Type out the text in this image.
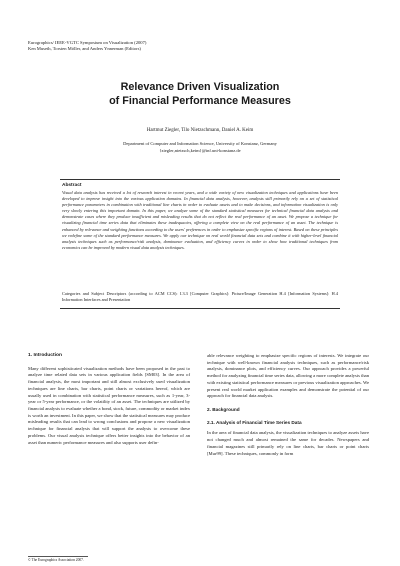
Eurographics/ IEEE-VGTC Symposium on Visualization (2007)
Ken Museth, Torsten Möller, and Anders Ynnerman (Editors)
Relevance Driven Visualization
of Financial Performance Measures
Hartmut Ziegler, Tilo Nietzschmann, Daniel A. Keim
Department of Computer and Information Science, University of Konstanz, Germany
{ziegler,nietzsch,keim}@inf.uni-konstanz.de
Abstract

Visual data analysis has received a lot of research interest in recent years, and a wide variety of new visualization techniques and applications have been developed to improve insight into the various application domains. In financial data analysis, however, analysts still primarily rely on a set of statistical performance parameters in combination with traditional line charts in order to evaluate assets and to make decisions, and information visualization is only very slowly entering this important domain. In this paper, we analyze some of the standard statistical measures for technical financial data analysis and demonstrate cases where they produce insufficient and misleading results that do not reflect the real performance of an asset. We propose a technique for visualizing financial time series data that eliminates these inadequacies, offering a complete view on the real performance of an asset. The technique is enhanced by relevance and weighting functions according to the users' preferences in order to emphasize specific regions of interest. Based on these principles we redefine some of the standard performance measures. We apply our technique on real world financial data sets and combine it with higher-level financial analysis techniques such as performance/risk analysis, dominance evaluation, and efficiency curves in order to show how traditional techniques from economics can be improved by modern visual data analysis techniques.

Categories and Subject Descriptors (according to ACM CCS): I.3.3 [Computer Graphics]: Picture/Image Generation H.4 [Information Systems]: H.4 Information Interfaces and Presentation
1. Introduction

Many different sophisticated visualization methods have been proposed in the past to analyze time related data sets in various application fields [SM03]. In the area of financial analysis, the most important and still almost exclusively used visualization techniques are line charts, bar charts, point charts or variations hereof, which are usually used in combination with statistical performance measures, such as 1-year, 3-year or 5-year performance, or the volatility of an asset. The techniques are utilized by financial analysts to evaluate whether a bond, stock, future, commodity or market index is worth an investment. In this paper, we show that the statistical measures may produce misleading results that can lead to wrong conclusions and propose a new visualization technique for financial analysis that will support the analysts to overcome these problems. Our visual analysis technique offers better insights into the behavior of an asset than numeric performance measures and also supports user defin-

able relevance weighting to emphasize specific regions of interests. We integrate our technique with well-known financial analysis techniques, such as performance/risk analysis, dominance plots, and efficiency curves. Our approach provides a powerful method for analyzing financial time series data, allowing a more complete analysis than with existing statistical performance measures or previous visualization approaches. We present real world market application examples and demonstrate the potential of our approach for financial data analysis.

2. Background
2.1. Analysis of Financial Time Series Data

In the area of financial data analysis, the visualization techniques to analyze assets have not changed much and almost remained the same for decades. Newspapers and financial magazines still primarily rely on line charts, bar charts or point charts [Mur99]. These techniques, commonly in form

© The Eurographics Association 2007.
